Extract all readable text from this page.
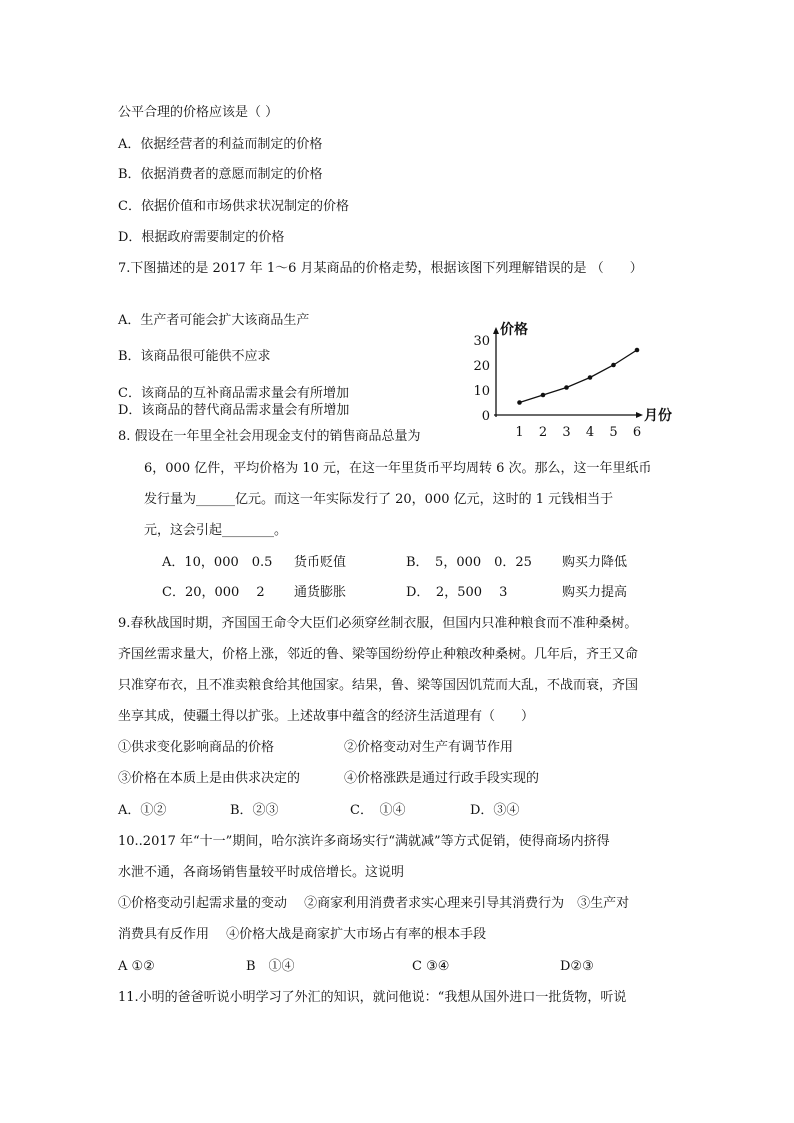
公平合理的价格应该是（ ）
A．依据经营者的利益而制定的价格
B．依据消费者的意愿而制定的价格
C．依据价值和市场供求状况制定的价格
D．根据政府需要制定的价格
7.下图描述的是 2017 年 1～6 月某商品的价格走势，根据该图下列理解错误的是 （　　）
A．生产者可能会扩大该商品生产
B．该商品很可能供不应求
C．该商品的互补商品需求量会有所增加
D．该商品的替代商品需求量会有所增加
价格
月份
0
10
20
30
1 2 3 4 5 6
8. 假设在一年里全社会用现金支付的销售商品总量为
6，000 亿件，平均价格为 10 元，在这一年里货币平均周转 6 次。那么，这一年里纸币
发行量为______亿元。而这一年实际发行了 20，000 亿元，这时的 1 元钱相当于
元，这会引起________。
A．10，000　0.5 货币贬值	B．　5，000　0．25 购买力降低
C．20，000　 2 通货膨胀	D．　2，500　 3	购买力提高
9.春秋战国时期，齐国国王命令大臣们必须穿丝制衣服，但国内只准种粮食而不准种桑树。
齐国丝需求量大，价格上涨，邻近的鲁、梁等国纷纷停止种粮改种桑树。几年后，齐王又命
只准穿布衣，且不准卖粮食给其他国家。结果，鲁、梁等国因饥荒而大乱，不战而衰，齐国
坐享其成，使疆土得以扩张。上述故事中蕴含的经济生活道理有（　　）
①供求变化影响商品的价格	②价格变动对生产有调节作用
③价格在本质上是由供求决定的	④价格涨跌是通过行政手段实现的
A．①②	B．②③	C．　①④	D．③④
10..2017 年“十一”期间，哈尔滨许多商场实行“满就减”等方式促销，使得商场内挤得
水泄不通，各商场销售量较平时成倍增长。这说明
①价格变动引起需求量的变动　 ②商家利用消费者求实心理来引导其消费行为　③生产对
消费具有反作用　 ④价格大战是商家扩大市场占有率的根本手段
A ①②	B　①④	C ③④	D②③
11.小明的爸爸听说小明学习了外汇的知识，就问他说：“我想从国外进口一批货物，听说
